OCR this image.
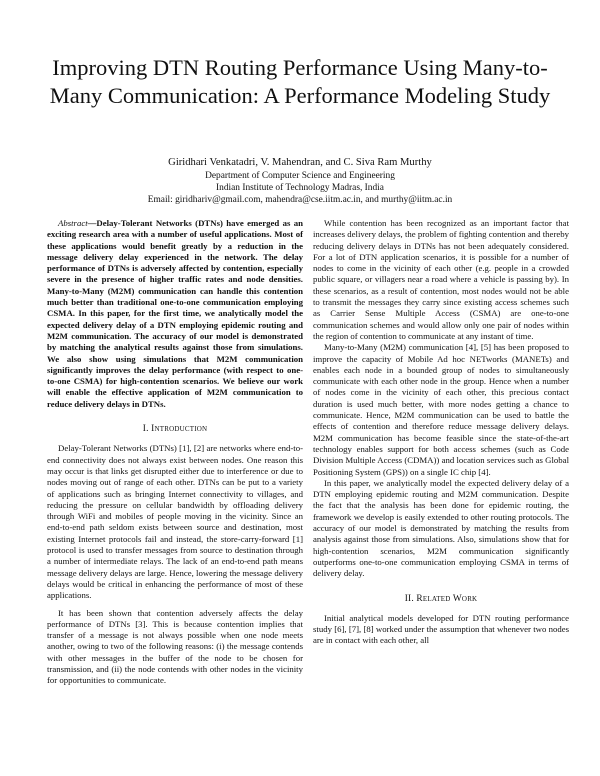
Improving DTN Routing Performance Using Many-to-Many Communication: A Performance Modeling Study
Giridhari Venkatadri, V. Mahendran, and C. Siva Ram Murthy
Department of Computer Science and Engineering
Indian Institute of Technology Madras, India
Email: giridhariv@gmail.com, mahendra@cse.iitm.ac.in, and murthy@iitm.ac.in

Abstract—Delay-Tolerant Networks (DTNs) have emerged as an exciting research area with a number of useful applications. Most of these applications would benefit greatly by a reduction in the message delivery delay experienced in the network. The delay performance of DTNs is adversely affected by contention, especially severe in the presence of higher traffic rates and node densities. Many-to-Many (M2M) communication can handle this contention much better than traditional one-to-one communication employing CSMA. In this paper, for the first time, we analytically model the expected delivery delay of a DTN employing epidemic routing and M2M communication. The accuracy of our model is demonstrated by matching the analytical results against those from simulations. We also show using simulations that M2M communication significantly improves the delay performance (with respect to one-to-one CSMA) for high-contention scenarios. We believe our work will enable the effective application of M2M communication to reduce delivery delays in DTNs.

I. Introduction

Delay-Tolerant Networks (DTNs) [1], [2] are networks where end-to-end connectivity does not always exist between nodes. One reason this may occur is that links get disrupted either due to interference or due to nodes moving out of range of each other. DTNs can be put to a variety of applications such as bringing Internet connectivity to villages, and reducing the pressure on cellular bandwidth by offloading delivery through WiFi and mobiles of people moving in the vicinity. Since an end-to-end path seldom exists between source and destination, most existing Internet protocols fail and instead, the store-carry-forward [1] protocol is used to transfer messages from source to destination through a number of intermediate relays. The lack of an end-to-end path means message delivery delays are large. Hence, lowering the message delivery delays would be critical in enhancing the performance of most of these applications.

It has been shown that contention adversely affects the delay performance of DTNs [3]. This is because contention implies that transfer of a message is not always possible when one node meets another, owing to two of the following reasons: (i) the message contends with other messages in the buffer of the node to be chosen for transmission, and (ii) the node contends with other nodes in the vicinity for opportunities to communicate.

While contention has been recognized as an important factor that increases delivery delays, the problem of fighting contention and thereby reducing delivery delays in DTNs has not been adequately considered. For a lot of DTN application scenarios, it is possible for a number of nodes to come in the vicinity of each other (e.g. people in a crowded public square, or villagers near a road where a vehicle is passing by). In these scenarios, as a result of contention, most nodes would not be able to transmit the messages they carry since existing access schemes such as Carrier Sense Multiple Access (CSMA) are one-to-one communication schemes and would allow only one pair of nodes within the region of contention to communicate at any instant of time.

Many-to-Many (M2M) communication [4], [5] has been proposed to improve the capacity of Mobile Ad hoc NETworks (MANETs) and enables each node in a bounded group of nodes to simultaneously communicate with each other node in the group. Hence when a number of nodes come in the vicinity of each other, this precious contact duration is used much better, with more nodes getting a chance to communicate. Hence, M2M communication can be used to battle the effects of contention and therefore reduce message delivery delays. M2M communication has become feasible since the state-of-the-art technology enables support for both access schemes (such as Code Division Multiple Access (CDMA)) and location services such as Global Positioning System (GPS)) on a single IC chip [4].

In this paper, we analytically model the expected delivery delay of a DTN employing epidemic routing and M2M communication. Despite the fact that the analysis has been done for epidemic routing, the framework we develop is easily extended to other routing protocols. The accuracy of our model is demonstrated by matching the results from analysis against those from simulations. Also, simulations show that for high-contention scenarios, M2M communication significantly outperforms one-to-one communication employing CSMA in terms of delivery delay.

II. Related Work

Initial analytical models developed for DTN routing performance study [6], [7], [8] worked under the assumption that whenever two nodes are in contact with each other, all
